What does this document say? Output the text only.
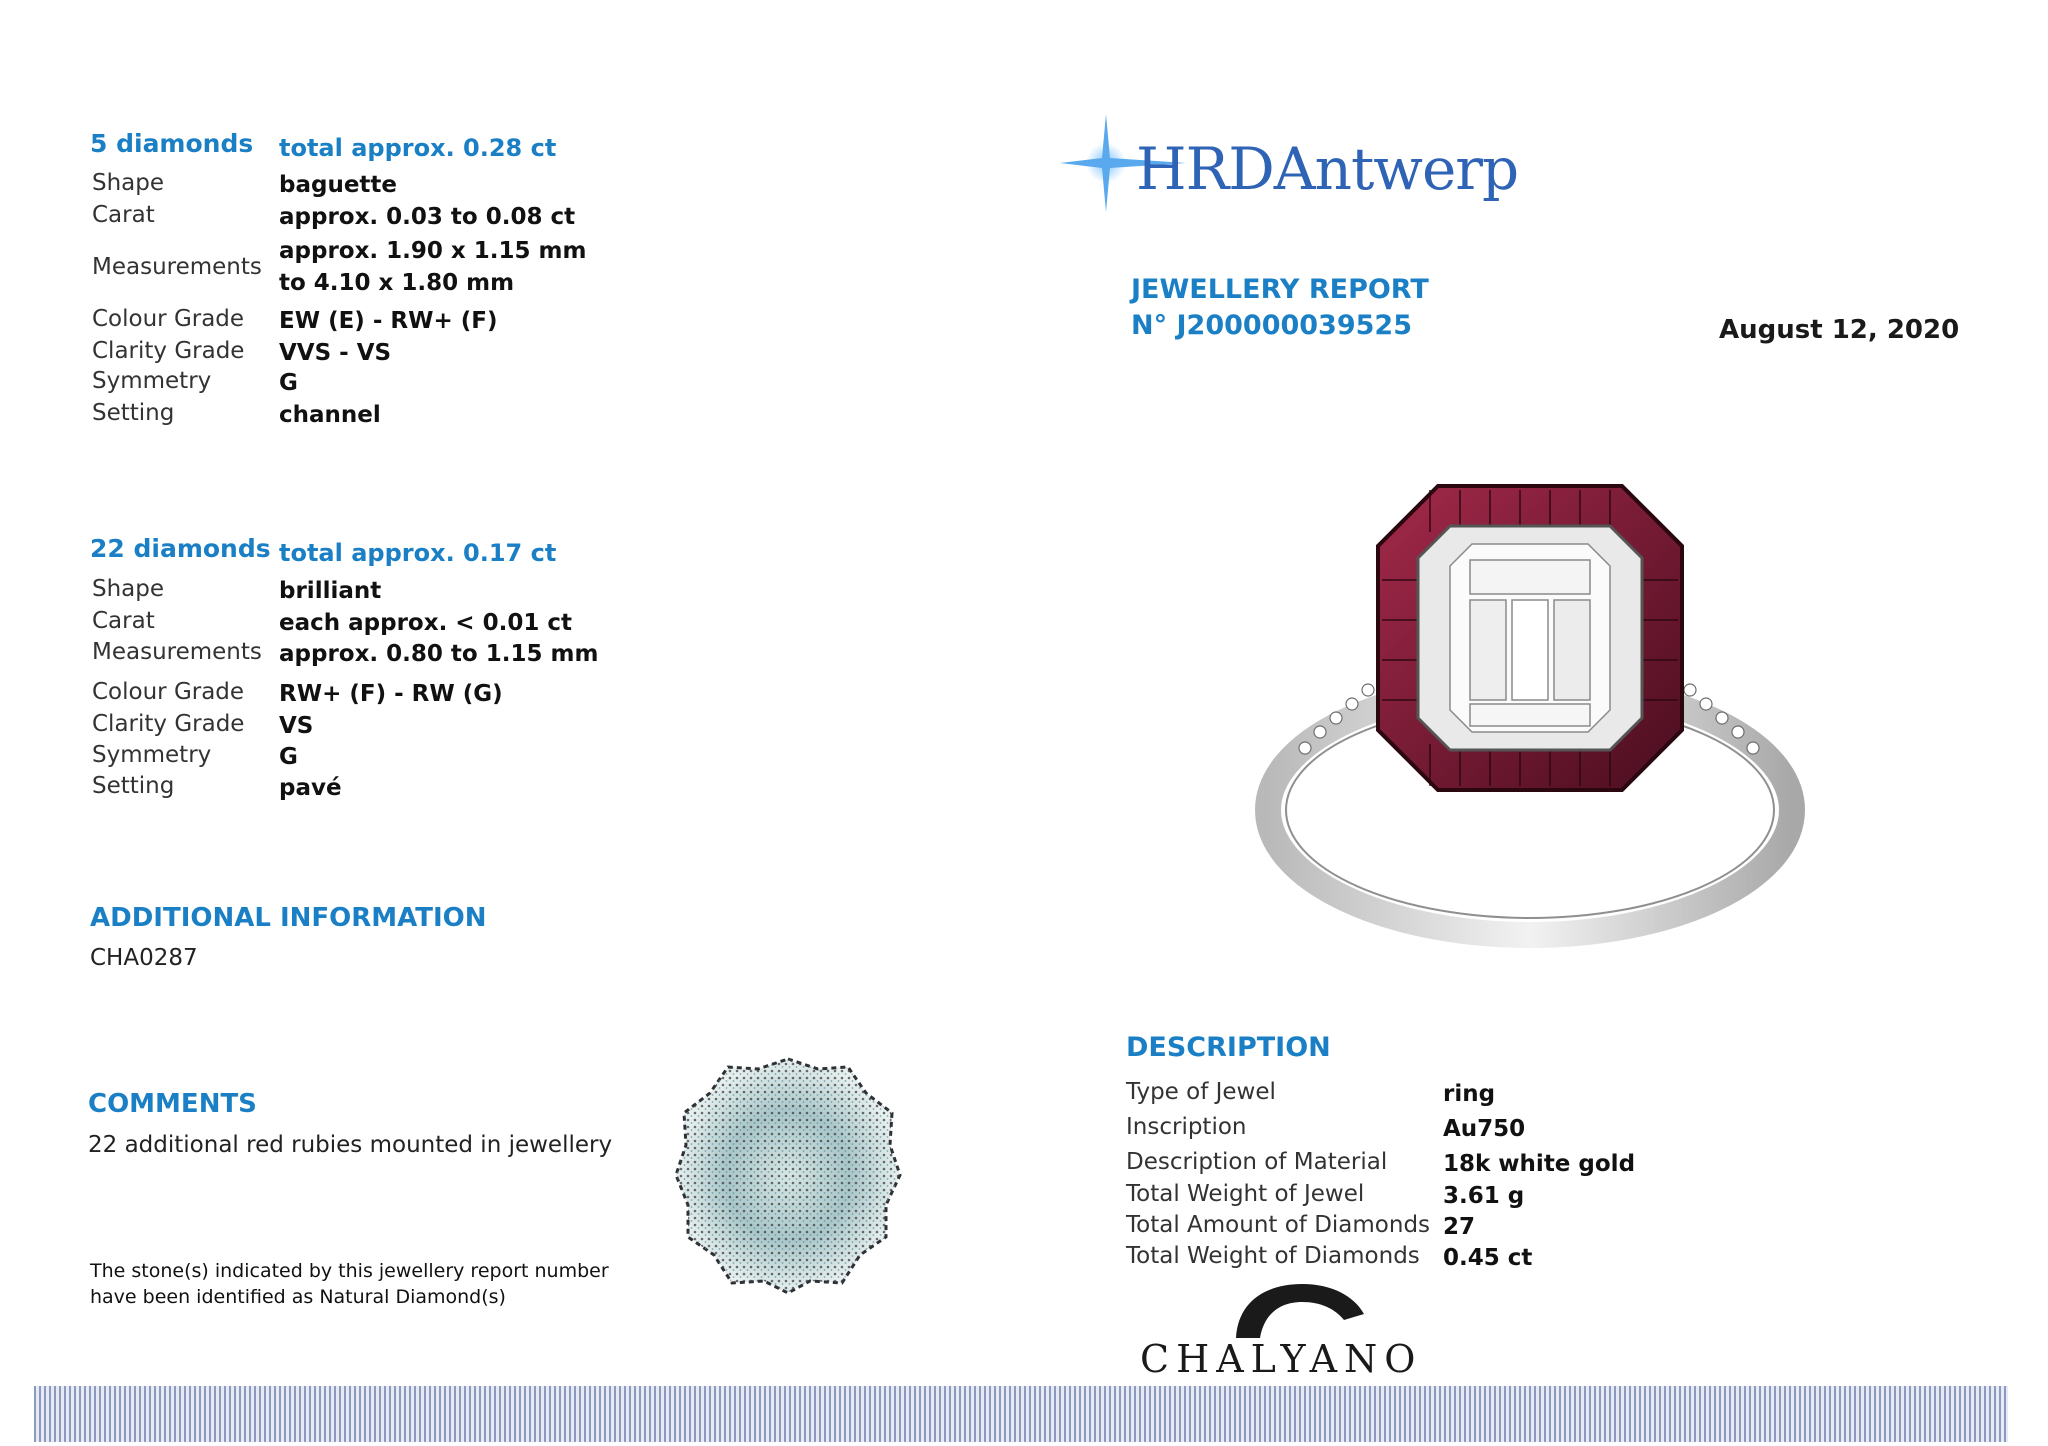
5 diamonds total approx. 0.28 ct
Shape	baguette
Carat	approx. 0.03 to 0.08 ct
Measurements
approx. 1.90 x 1.15 mm
to 4.10 x 1.80 mm
Colour Grade EW (E) - RW+ (F)
Clarity Grade VVS - VS
Symmetry	G
Setting	channel
22 diamonds total approx. 0.17 ct
Shape	brilliant
Carat	each approx. < 0.01 ct
Measurements approx. 0.80 to 1.15 mm
Colour Grade RW+ (F) - RW (G)
Clarity Grade VS
Symmetry	G
Setting	pavé
ADDITIONAL INFORMATION
CHA0287
COMMENTS
22 additional red rubies mounted in jewellery
The stone(s) indicated by this jewellery report number
have been identified as Natural Diamond(s)
HRDAntwerp
JEWELLERY REPORT
N° J200000039525	August 12, 2020
DESCRIPTION
Type of Jewel	ring
Inscription	Au750
Description of Material 18k white gold
Total Weight of Jewel	3.61 g
Total Amount of Diamonds 27
Total Weight of Diamonds 0.45 ct
CHALYANO
